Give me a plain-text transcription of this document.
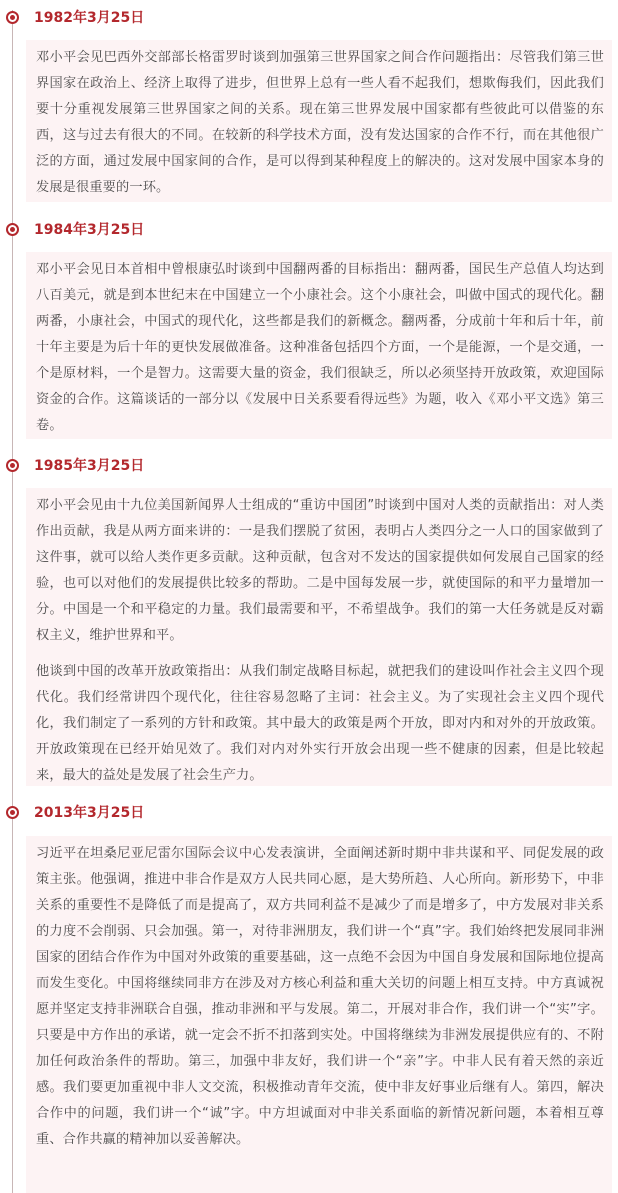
1982年3月25日

邓小平会见巴西外交部部长格雷罗时谈到加强第三世界国家之间合作问题指出：尽管我们第三世界国家在政治上、经济上取得了进步，但世界上总有一些人看不起我们，想欺侮我们，因此我们要十分重视发展第三世界国家之间的关系。现在第三世界发展中国家都有些彼此可以借鉴的东西，这与过去有很大的不同。在较新的科学技术方面，没有发达国家的合作不行，而在其他很广泛的方面，通过发展中国家间的合作，是可以得到某种程度上的解决的。这对发展中国家本身的发展是很重要的一环。

1984年3月25日

邓小平会见日本首相中曾根康弘时谈到中国翻两番的目标指出：翻两番，国民生产总值人均达到八百美元，就是到本世纪末在中国建立一个小康社会。这个小康社会，叫做中国式的现代化。翻两番，小康社会，中国式的现代化，这些都是我们的新概念。翻两番，分成前十年和后十年，前十年主要是为后十年的更快发展做准备。这种准备包括四个方面，一个是能源，一个是交通，一个是原材料，一个是智力。这需要大量的资金，我们很缺乏，所以必须坚持开放政策，欢迎国际资金的合作。这篇谈话的一部分以《发展中日关系要看得远些》为题，收入《邓小平文选》第三卷。

1985年3月25日

邓小平会见由十九位美国新闻界人士组成的“重访中国团”时谈到中国对人类的贡献指出：对人类作出贡献，我是从两方面来讲的：一是我们摆脱了贫困，表明占人类四分之一人口的国家做到了这件事，就可以给人类作更多贡献。这种贡献，包含对不发达的国家提供如何发展自己国家的经验，也可以对他们的发展提供比较多的帮助。二是中国每发展一步，就使国际的和平力量增加一分。中国是一个和平稳定的力量。我们最需要和平，不希望战争。我们的第一大任务就是反对霸权主义，维护世界和平。

他谈到中国的改革开放政策指出：从我们制定战略目标起，就把我们的建设叫作社会主义四个现代化。我们经常讲四个现代化，往往容易忽略了主词：社会主义。为了实现社会主义四个现代化，我们制定了一系列的方针和政策。其中最大的政策是两个开放，即对内和对外的开放政策。开放政策现在已经开始见效了。我们对内对外实行开放会出现一些不健康的因素，但是比较起来，最大的益处是发展了社会生产力。

2013年3月25日

习近平在坦桑尼亚尼雷尔国际会议中心发表演讲，全面阐述新时期中非共谋和平、同促发展的政策主张。他强调，推进中非合作是双方人民共同心愿，是大势所趋、人心所向。新形势下，中非关系的重要性不是降低了而是提高了，双方共同利益不是减少了而是增多了，中方发展对非关系的力度不会削弱、只会加强。第一，对待非洲朋友，我们讲一个“真”字。我们始终把发展同非洲国家的团结合作作为中国对外政策的重要基础，这一点绝不会因为中国自身发展和国际地位提高而发生变化。中国将继续同非方在涉及对方核心利益和重大关切的问题上相互支持。中方真诚祝愿并坚定支持非洲联合自强，推动非洲和平与发展。第二，开展对非合作，我们讲一个“实”字。只要是中方作出的承诺，就一定会不折不扣落到实处。中国将继续为非洲发展提供应有的、不附加任何政治条件的帮助。第三，加强中非友好，我们讲一个“亲”字。中非人民有着天然的亲近感。我们要更加重视中非人文交流，积极推动青年交流，使中非友好事业后继有人。第四，解决合作中的问题，我们讲一个“诚”字。中方坦诚面对中非关系面临的新情况新问题，本着相互尊重、合作共赢的精神加以妥善解决。
